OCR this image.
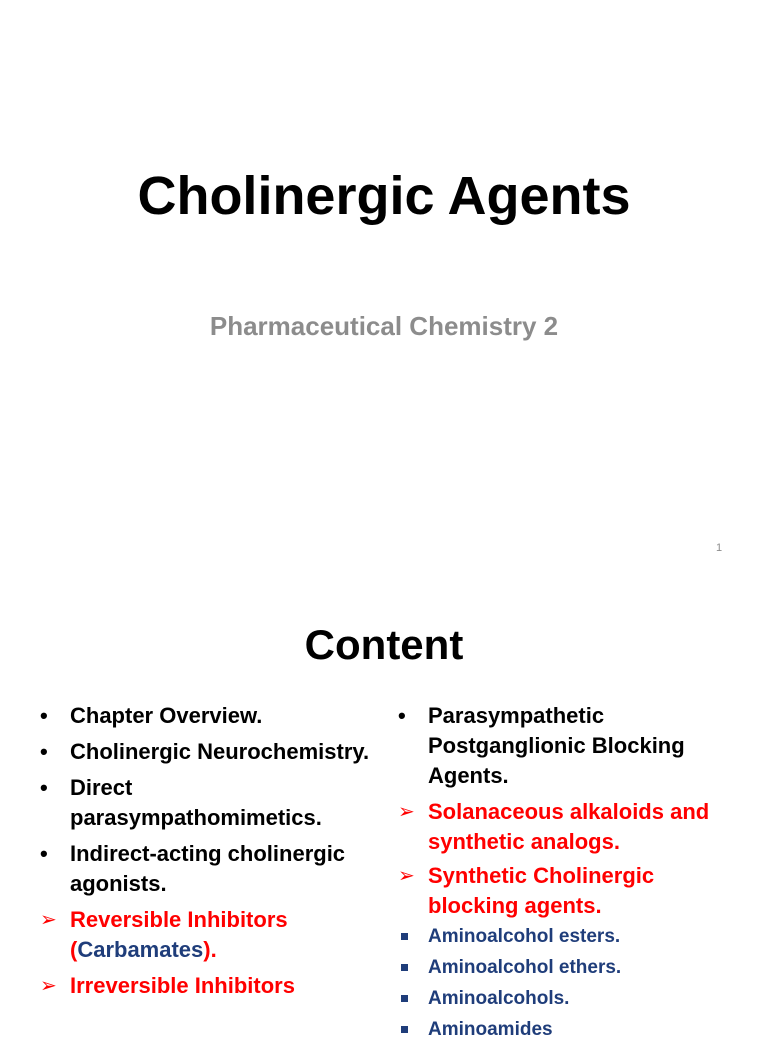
Cholinergic Agents
Pharmaceutical Chemistry 2
1
Content
•	Chapter Overview.
•	Cholinergic Neurochemistry.
•	Direct parasympathomimetics.
•	Indirect-acting cholinergic agonists.
➢ Reversible Inhibitors
(Carbamates).
➢ Irreversible Inhibitors
•	Parasympathetic Postganglionic Blocking Agents.
➢ Solanaceous alkaloids and synthetic analogs.
➢ Synthetic Cholinergic blocking agents.
Aminoalcohol esters.
Aminoalcohol ethers.
Aminoalcohols.
Aminoamides
